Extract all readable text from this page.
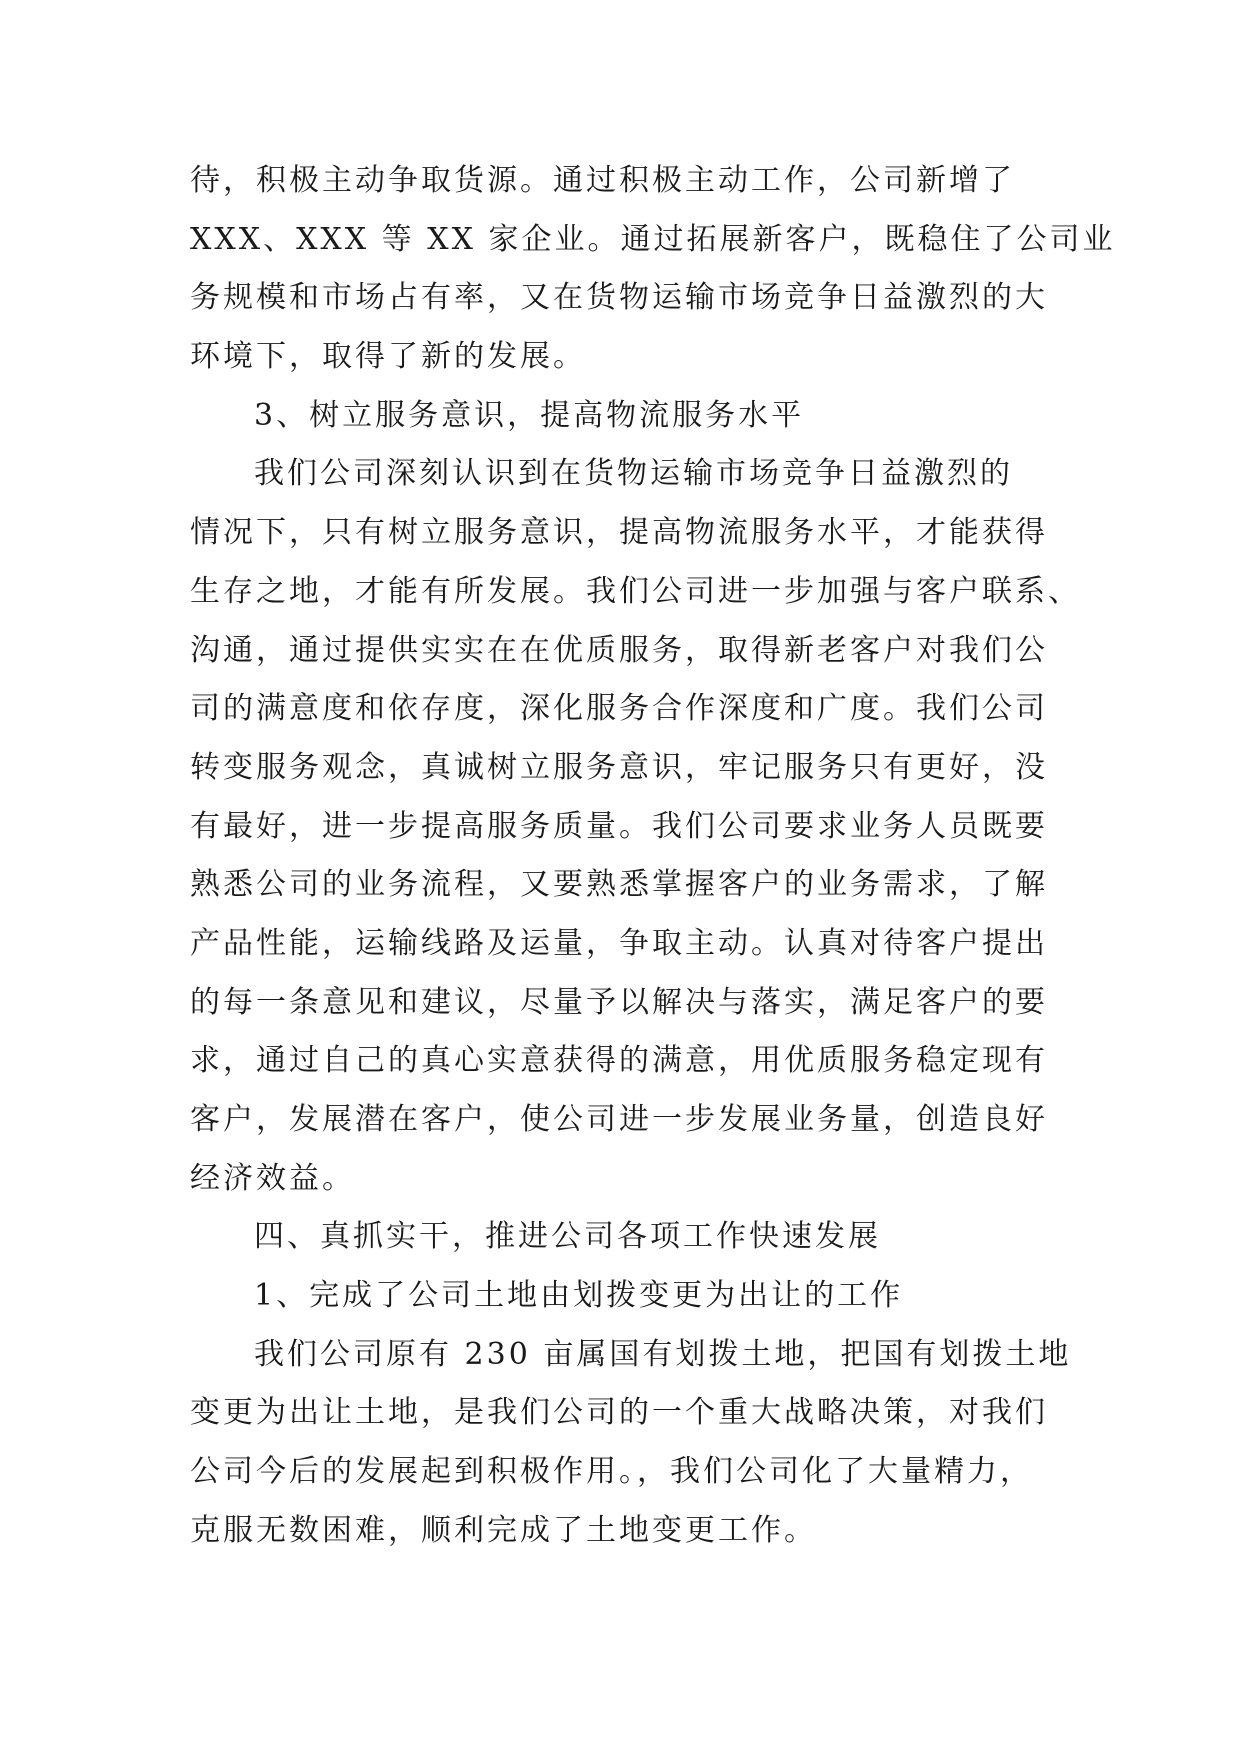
待，积极主动争取货源。通过积极主动工作，公司新增了
XXX、XXX 等 XX 家企业。通过拓展新客户，既稳住了公司业
务规模和市场占有率，又在货物运输市场竞争日益激烈的大
环境下，取得了新的发展。
3、树立服务意识，提高物流服务水平
我们公司深刻认识到在货物运输市场竞争日益激烈的
情况下，只有树立服务意识，提高物流服务水平，才能获得
生存之地，才能有所发展。我们公司进一步加强与客户联系、
沟通，通过提供实实在在优质服务，取得新老客户对我们公
司的满意度和依存度，深化服务合作深度和广度。我们公司
转变服务观念，真诚树立服务意识，牢记服务只有更好，没
有最好，进一步提高服务质量。我们公司要求业务人员既要
熟悉公司的业务流程，又要熟悉掌握客户的业务需求，了解
产品性能，运输线路及运量，争取主动。认真对待客户提出
的每一条意见和建议，尽量予以解决与落实，满足客户的要
求，通过自己的真心实意获得的满意，用优质服务稳定现有
客户，发展潜在客户，使公司进一步发展业务量，创造良好
经济效益。
四、真抓实干，推进公司各项工作快速发展
1、完成了公司土地由划拨变更为出让的工作
我们公司原有 230 亩属国有划拨土地，把国有划拨土地
变更为出让土地，是我们公司的一个重大战略决策，对我们
公司今后的发展起到积极作用。，我们公司化了大量精力，
克服无数困难，顺利完成了土地变更工作。
